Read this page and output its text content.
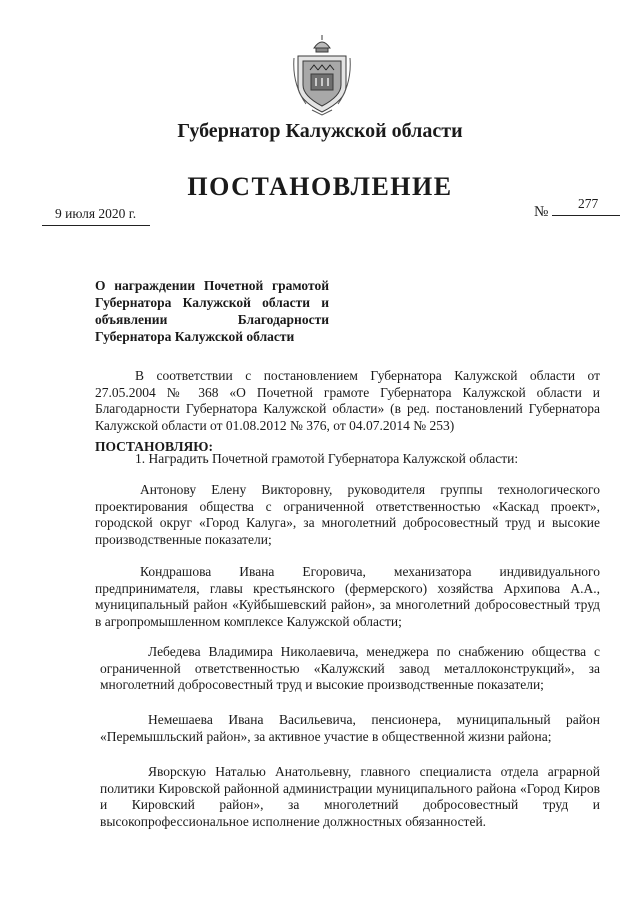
Губернатор Калужской области
ПОСТАНОВЛЕНИЕ
9 июля 2020 г.	№
277
О награждении Почетной грамотой Губернатора Калужской области и объявлении Благодарности Губернатора Калужской области
В соответствии с постановлением Губернатора Калужской области от 27.05.2004 № 368 «О Почетной грамоте Губернатора Калужской области и Благодарности Губернатора Калужской области» (в ред. постановлений Губернатора Калужской области от 01.08.2012 № 376, от 04.07.2014 № 253)
ПОСТАНОВЛЯЮ:
1. Наградить Почетной грамотой Губернатора Калужской области:
Антонову Елену Викторовну, руководителя группы технологического проектирования общества с ограниченной ответственностью «Каскад проект», городской округ «Город Калуга», за многолетний добросовестный труд и высокие производственные показатели;
Кондрашова Ивана Егоровича, механизатора индивидуального предпринимателя, главы крестьянского (фермерского) хозяйства Архипова А.А., муниципальный район «Куйбышевский район», за многолетний добросовестный труд в агропромышленном комплексе Калужской области;
Лебедева Владимира Николаевича, менеджера по снабжению общества с ограниченной ответственностью «Калужский завод металлоконструкций», за многолетний добросовестный труд и высокие производственные показатели;
Немешаева Ивана Васильевича, пенсионера, муниципальный район «Перемышльский район», за активное участие в общественной жизни района;
Яворскую Наталью Анатольевну, главного специалиста отдела аграрной политики Кировской районной администрации муниципального района «Город Киров и Кировский район», за многолетний добросовестный труд и высокопрофессиональное исполнение должностных обязанностей.
